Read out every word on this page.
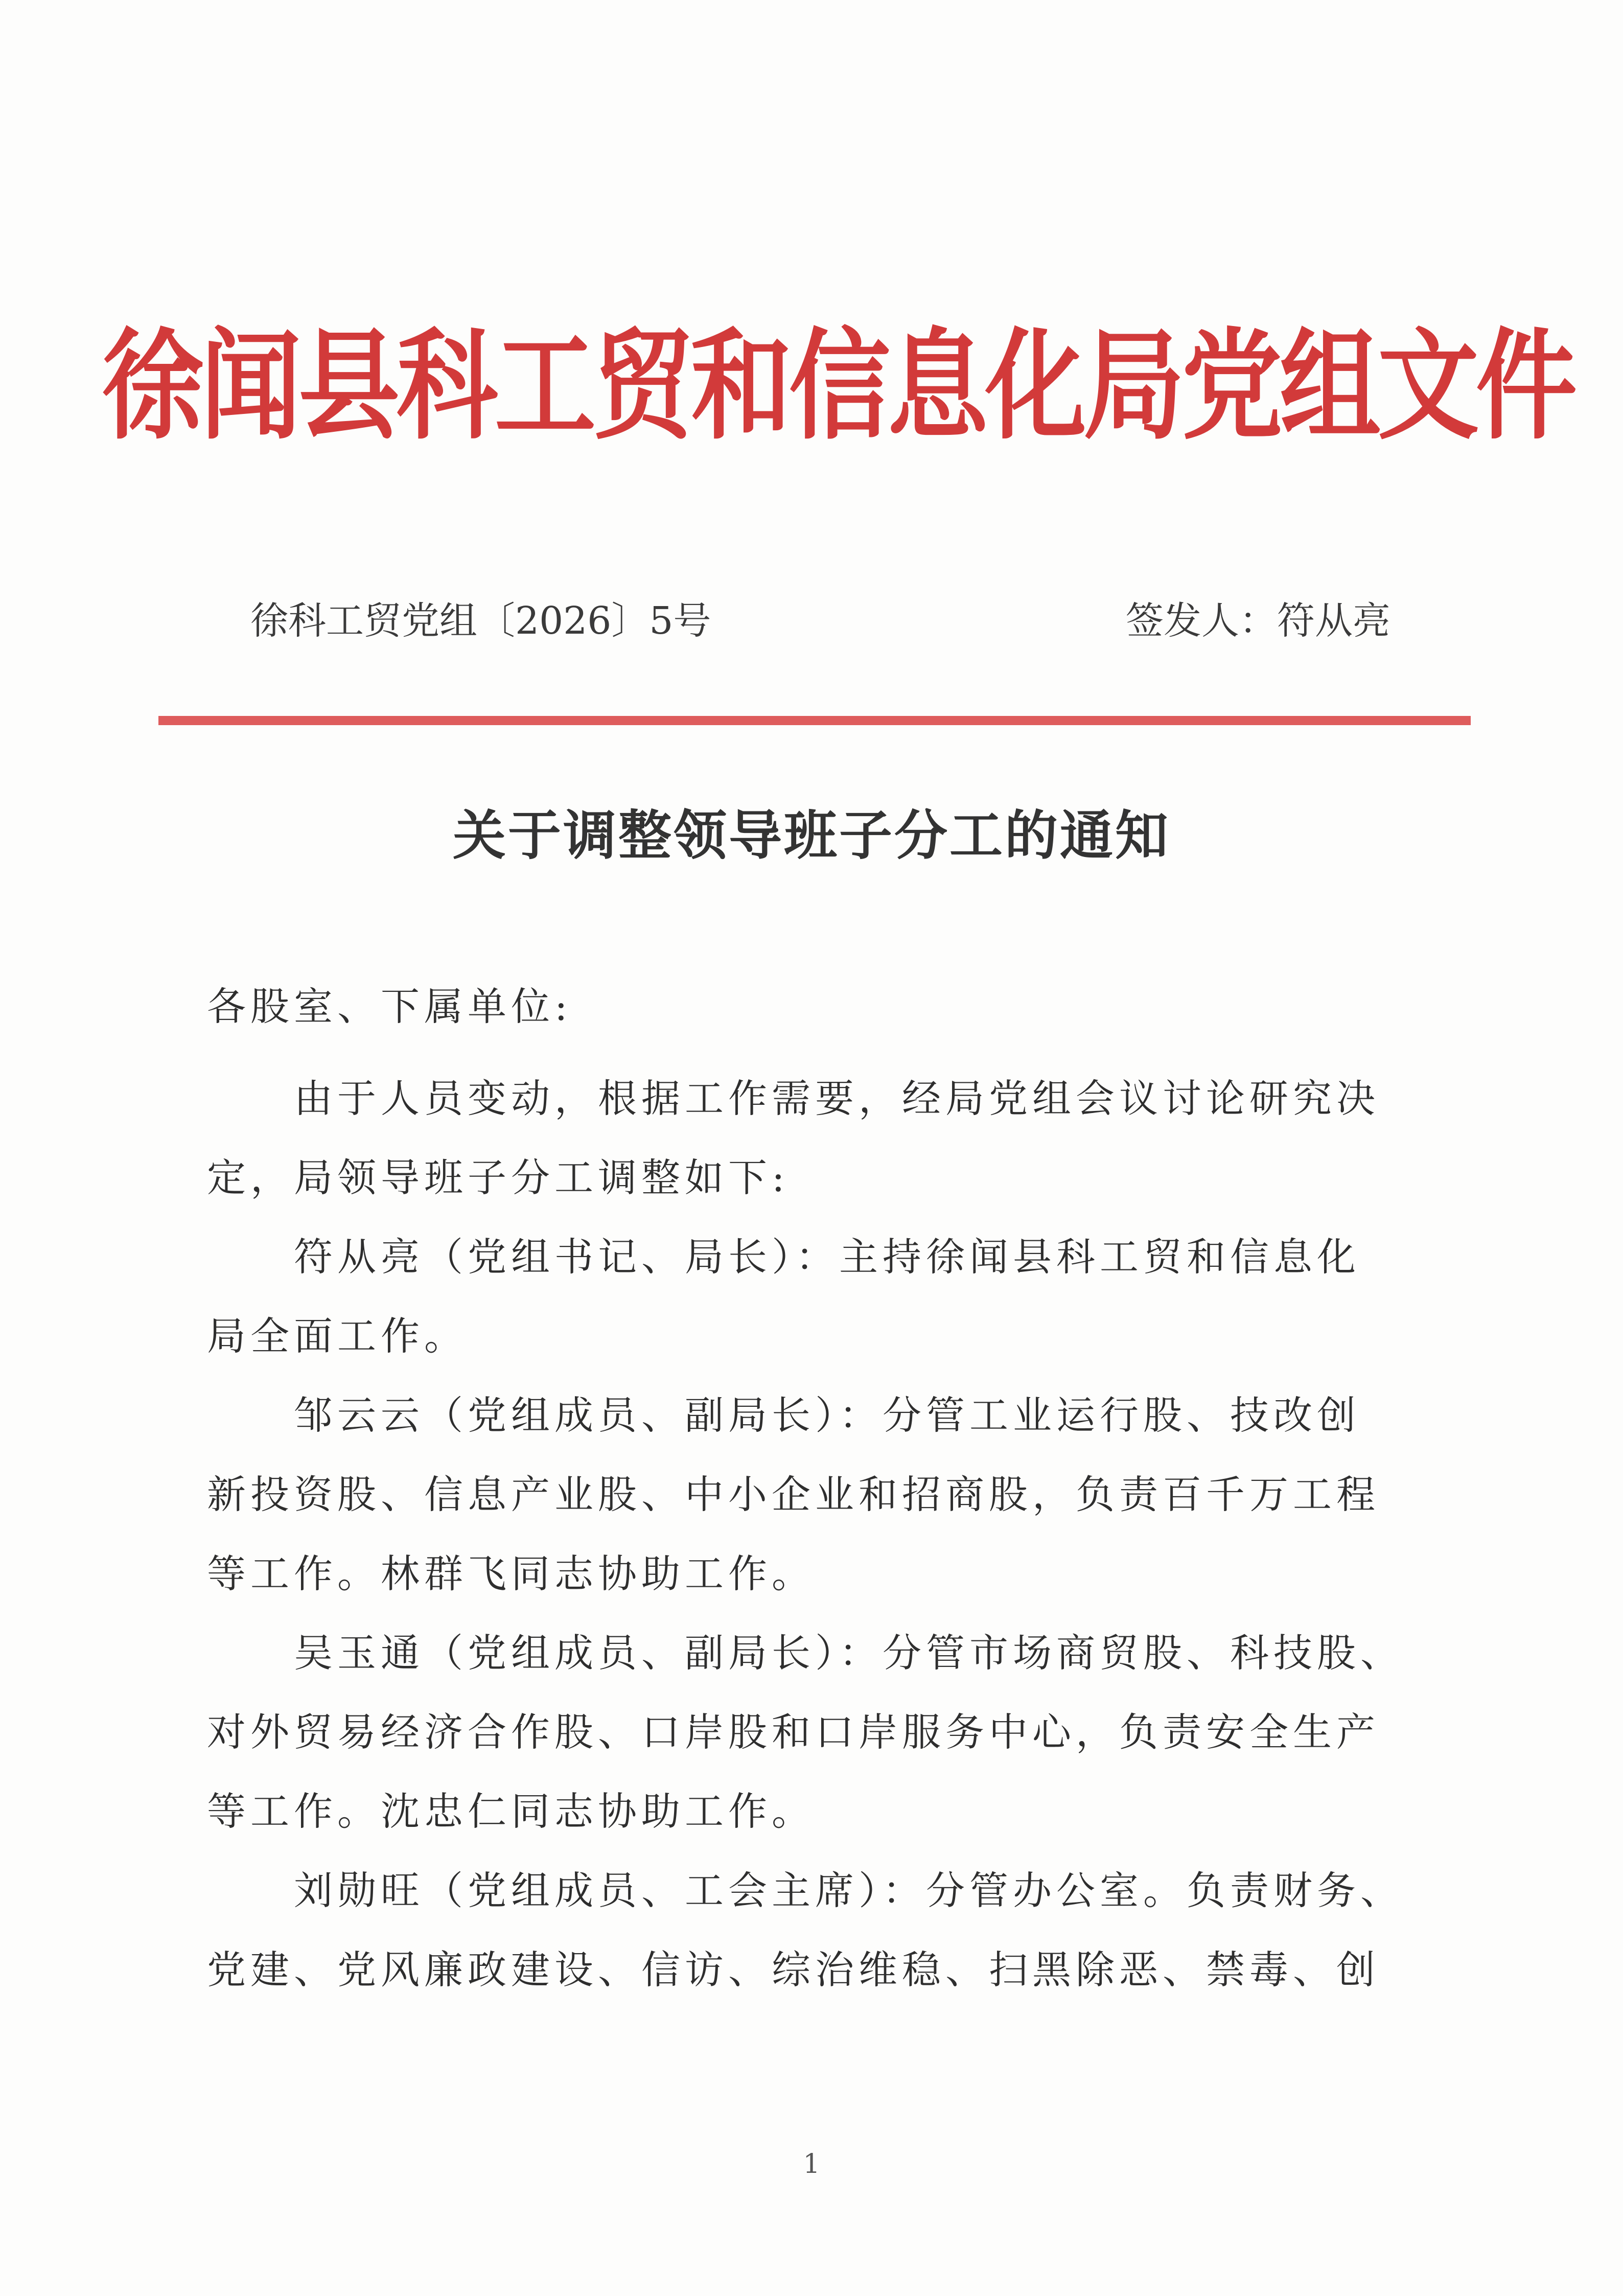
徐闻县科工贸和信息化局党组文件
徐科工贸党组〔2026〕5号	签发人：符从亮
关于调整领导班子分工的通知
各股室、下属单位:
由于人员变动，根据工作需要，经局党组会议讨论研究决
定，局领导班子分工调整如下:
符从亮（党组书记、局长）：主持徐闻县科工贸和信息化
局全面工作。
邹云云（党组成员、副局长）：分管工业运行股、技改创
新投资股、信息产业股、中小企业和招商股，负责百千万工程
等工作。林群飞同志协助工作。
吴玉通（党组成员、副局长）：分管市场商贸股、科技股、
对外贸易经济合作股、口岸股和口岸服务中心，负责安全生产
等工作。沈忠仁同志协助工作。
刘勋旺（党组成员、工会主席）：分管办公室。负责财务、
党建、党风廉政建设、信访、综治维稳、扫黑除恶、禁毒、创
1
